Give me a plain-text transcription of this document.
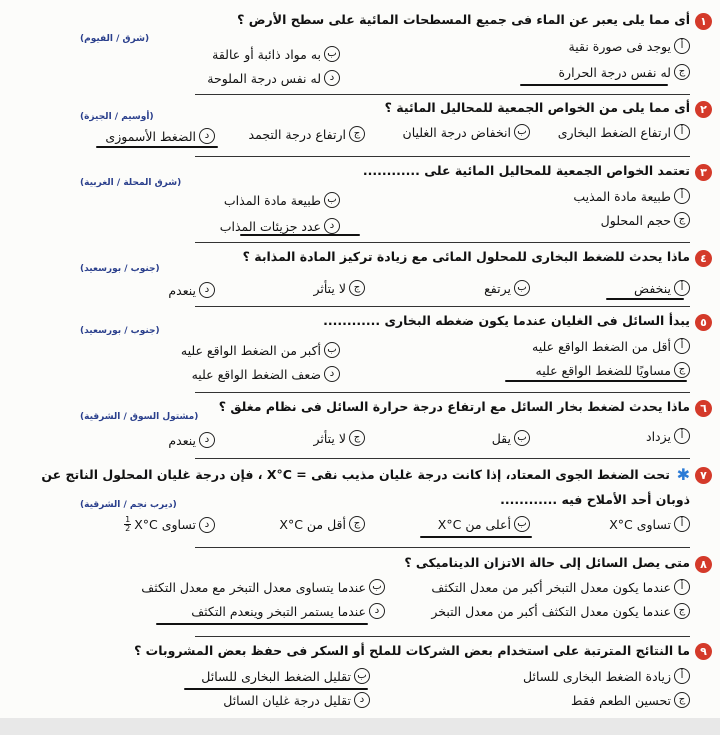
١
أى مما يلى يعبر عن الماء فى جميع المسطحات المائية على سطح الأرض ؟
(شرق / الفيوم)
أ
يوجد فى صورة نقية
ب
به مواد ذائبة أو عالقة
ج
له نفس درجة الحرارة
د
له نفس درجة الملوحة
٢
أى مما يلى من الخواص الجمعية للمحاليل المائية ؟
(أوسيم / الجيزة)
أ
ارتفاع الضغط البخارى
ب
انخفاض درجة الغليان
ج
ارتفاع درجة التجمد
د
الضغط الأسموزى
٣
تعتمد الخواص الجمعية للمحاليل المائية على ............
(شرق المحلة / الغربية)
أ
طبيعة مادة المذيب
ب
طبيعة مادة المذاب
ج
حجم المحلول
د
عدد جزيئات المذاب
٤
ماذا يحدث للضغط البخارى للمحلول المائى مع زيادة تركيز المادة المذابة ؟
(جنوب / بورسعيد)
أ
ينخفض
ب
يرتفع
ج
لا يتأثر
د
ينعدم
٥
يبدأ السائل فى الغليان عندما يكون ضغطه البخارى ............
(جنوب / بورسعيد)
أ
أقل من الضغط الواقع عليه
ب
أكبر من الضغط الواقع عليه
ج
مساويًا للضغط الواقع عليه
د
ضعف الضغط الواقع عليه
٦
ماذا يحدث لضغط بخار السائل مع ارتفاع درجة حرارة السائل فى نظام مغلق ؟
(مشتول السوق / الشرقية)
أ
يزداد
ب
يقل
ج
لا يتأثر
د
ينعدم
٧
✱
تحت الضغط الجوى المعتاد، إذا كانت درجة غليان مذيب نقى = X°C ، فإن درجة غليان المحلول الناتج عن
ذوبان أحد الأملاح فيه ............
(ديرب نجم / الشرقية)
أ
تساوى X°C
ب
أعلى من X°C
ج
أقل من X°C
د
تساوى X°C
$\frac{1}{2}$
٨
متى يصل السائل إلى حالة الاتزان الديناميكى ؟
أ
عندما يكون معدل التبخر أكبر من معدل التكثف
ب
عندما يتساوى معدل التبخر مع معدل التكثف
ج
عندما يكون معدل التكثف أكبر من معدل التبخر
د
عندما يستمر التبخر وينعدم التكثف
٩
ما النتائج المترتبة على استخدام بعض الشركات للملح أو السكر فى حفظ بعض المشروبات ؟
أ
زيادة الضغط البخارى للسائل
ب
تقليل الضغط البخارى للسائل
ج
تحسين الطعم فقط
د
تقليل درجة غليان السائل
